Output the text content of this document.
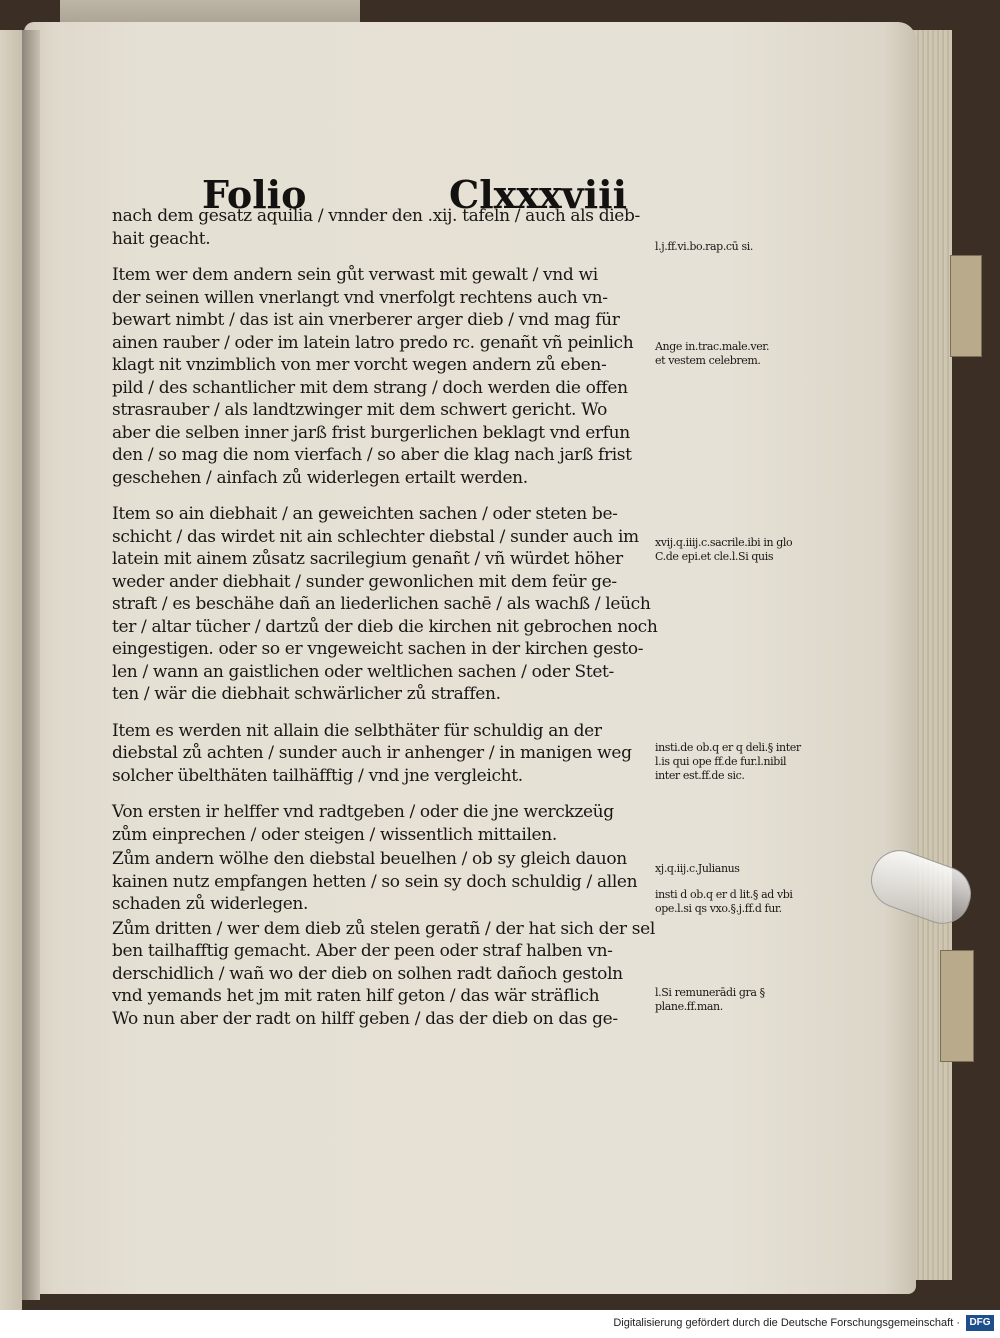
Folio	Clxxxviii
nach dem gesatz aquilia / vnnder den .xij. tafeln / auch als dieb-
hait geacht.
Item wer dem andern sein gůt verwast mit gewalt / vnd wi
der seinen willen vnerlangt vnd vnerfolgt rechtens auch vn-
bewart nimbt / das ist ain vnerberer arger dieb / vnd mag für
ainen rauber / oder im latein latro predo rc. genañt vñ peinlich
klagt nit vnzimblich von mer vorcht wegen andern zů eben-
pild / des schantlicher mit dem strang / doch werden die offen
strasrauber / als landtzwinger mit dem schwert gericht. Wo
aber die selben inner jarß frist burgerlichen beklagt vnd erfun
den / so mag die nom vierfach / so aber die klag nach jarß frist
geschehen / ainfach zů widerlegen ertailt werden.
Item so ain diebhait / an geweichten sachen / oder steten be-
schicht / das wirdet nit ain schlechter diebstal / sunder auch im
latein mit ainem zůsatz sacrilegium genañt / vñ würdet höher
weder ander diebhait / sunder gewonlichen mit dem feür ge-
straft / es beschähe dañ an liederlichen sachē / als wachß / leüch
ter / altar tücher / dartzů der dieb die kirchen nit gebrochen noch
eingestigen. oder so er vngeweicht sachen in der kirchen gesto-
len / wann an gaistlichen oder weltlichen sachen / oder Stet-
ten / wär die diebhait schwärlicher zů straffen.
Item es werden nit allain die selbthäter für schuldig an der
diebstal zů achten / sunder auch ir anhenger / in manigen weg
solcher übelthäten tailhäfftig / vnd jne vergleicht.
Von ersten ir helffer vnd radtgeben / oder die jne werckzeüg
zům einprechen / oder steigen / wissentlich mittailen.
Zům andern wölhe den diebstal beuelhen / ob sy gleich dauon
kainen nutz empfangen hetten / so sein sy doch schuldig / allen
schaden zů widerlegen.
Zům dritten / wer dem dieb zů stelen geratñ / der hat sich der sel
ben tailhafftig gemacht. Aber der peen oder straf halben vn-
derschidlich / wañ wo der dieb on solhen radt dañoch gestoln
vnd yemands het jm mit raten hilf geton / das wär sträflich
Wo nun aber der radt on hilff geben / das der dieb on das ge-
l.j.ff.vi.bo.rap.cū si.
Ange in.trac.male.ver.
et vestem celebrem.
xvij.q.iiij.c.sacrile.ibi in glo
C.de epi.et cle.l.Si quis
insti.de ob.q er q deli.§ inter
l.is qui ope ff.de fur.l.nibil
inter est.ff.de sic.
xj.q.iij.c.Julianus
insti d ob.q er d lit.§ ad vbi
ope.l.si qs vxo.§.j.ff.d fur.
l.Si remunerādi gra §
plane.ff.man.
Digitalisierung gefördert durch die Deutsche Forschungsgemeinschaft · DFG
